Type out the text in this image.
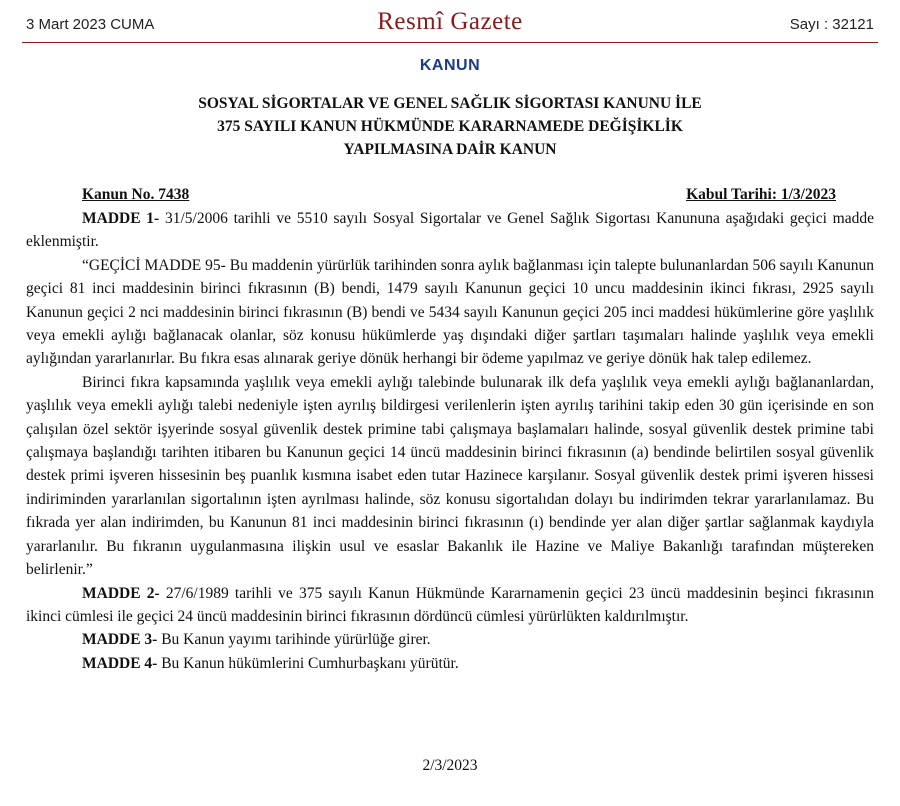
3 Mart 2023 CUMA	Resmî Gazete	Sayı : 32121
KANUN
SOSYAL SİGORTALAR VE GENEL SAĞLIK SİGORTASI KANUNU İLE
375 SAYILI KANUN HÜKMÜNDE KARARNAMEDE DEĞİŞİKLİK
YAPILMASINA DAİR KANUN
Kanun No. 7438	Kabul Tarihi: 1/3/2023

MADDE 1- 31/5/2006 tarihli ve 5510 sayılı Sosyal Sigortalar ve Genel Sağlık Sigortası Kanununa aşağıdaki geçici madde eklenmiştir.

“GEÇİCİ MADDE 95- Bu maddenin yürürlük tarihinden sonra aylık bağlanması için talepte bulunanlardan 506 sayılı Kanunun geçici 81 inci maddesinin birinci fıkrasının (B) bendi, 1479 sayılı Kanunun geçici 10 uncu maddesinin ikinci fıkrası, 2925 sayılı Kanunun geçici 2 nci maddesinin birinci fıkrasının (B) bendi ve 5434 sayılı Kanunun geçici 205 inci maddesi hükümlerine göre yaşlılık veya emekli aylığı bağlanacak olanlar, söz konusu hükümlerde yaş dışındaki diğer şartları taşımaları halinde yaşlılık veya emekli aylığından yararlanırlar. Bu fıkra esas alınarak geriye dönük herhangi bir ödeme yapılmaz ve geriye dönük hak talep edilemez.

Birinci fıkra kapsamında yaşlılık veya emekli aylığı talebinde bulunarak ilk defa yaşlılık veya emekli aylığı bağlananlardan, yaşlılık veya emekli aylığı talebi nedeniyle işten ayrılış bildirgesi verilenlerin işten ayrılış tarihini takip eden 30 gün içerisinde en son çalışılan özel sektör işyerinde sosyal güvenlik destek primine tabi çalışmaya başlamaları halinde, sosyal güvenlik destek primine tabi çalışmaya başlandığı tarihten itibaren bu Kanunun geçici 14 üncü maddesinin birinci fıkrasının (a) bendinde belirtilen sosyal güvenlik destek primi işveren hissesinin beş puanlık kısmına isabet eden tutar Hazinece karşılanır. Sosyal güvenlik destek primi işveren hissesi indiriminden yararlanılan sigortalının işten ayrılması halinde, söz konusu sigortalıdan dolayı bu indirimden tekrar yararlanılamaz. Bu fıkrada yer alan indirimden, bu Kanunun 81 inci maddesinin birinci fıkrasının (ı) bendinde yer alan diğer şartlar sağlanmak kaydıyla yararlanılır. Bu fıkranın uygulanmasına ilişkin usul ve esaslar Bakanlık ile Hazine ve Maliye Bakanlığı tarafından müştereken belirlenir.”

MADDE 2- 27/6/1989 tarihli ve 375 sayılı Kanun Hükmünde Kararnamenin geçici 23 üncü maddesinin beşinci fıkrasının ikinci cümlesi ile geçici 24 üncü maddesinin birinci fıkrasının dördüncü cümlesi yürürlükten kaldırılmıştır.

MADDE 3- Bu Kanun yayımı tarihinde yürürlüğe girer.

MADDE 4- Bu Kanun hükümlerini Cumhurbaşkanı yürütür.

2/3/2023
